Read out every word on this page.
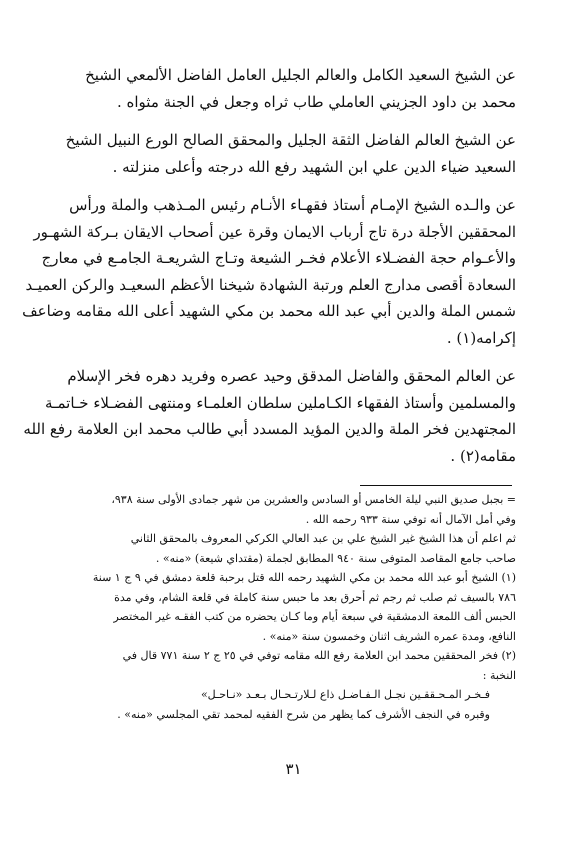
عن الشيخ السعيد الكامل والعالم الجليل العامل الفاضل الألمعي الشيخ
محمد بن داود الجزيني العاملي طاب ثراه وجعل في الجنة مثواه .

عن الشيخ العالم الفاضل الثقة الجليل والمحقق الصالح الورع النبيل الشيخ
السعيد ضياء الدين علي ابن الشهيد رفع الله درجته وأعلى منزلته .

عن والـده الشيخ الإمـام أستاذ فقهـاء الأنـام رئيس المـذهب والملة ورأس
المحققين الأجلة درة تاج أرباب الايمان وقرة عين أصحاب الايقان بـركة الشهـور
والأعـوام حجة الفضـلاء الأعلام فخـر الشيعة وتـاج الشريعـة الجامـع في معارج
السعادة أقصى مدارج العلم ورتبة الشهادة شيخنا الأعظم السعيـد والركن العميـد
شمس الملة والدين أبي عبد الله محمد بن مكي الشهيد أعلى الله مقامه وضاعف
إكرامه(١) .

عن العالم المحقق والفاضل المدقق وحيد عصره وفريد دهره فخر الإسلام
والمسلمين وأستاذ الفقهاء الكـاملين سلطان العلمـاء ومنتهى الفضـلاء خـاتمـة
المجتهدين فخر الملة والدين المؤيد المسدد أبي طالب محمد ابن العلامة رفع الله
مقامه(٢) .

= بجبل صديق النبي ليلة الخامس أو السادس والعشرين من شهر جمادى الأولى سنة ٩٣٨،
وفي أمل الآمال أنه توفي سنة ٩٣٣ رحمه الله .
ثم اعلم أن هذا الشيخ غير الشيخ علي بن عبد العالي الكركي المعروف بالمحقق الثاني
صاحب جامع المقاصد المتوفى سنة ٩٤٠ المطابق لجملة (مقتداي شيعة) «منه» .

(١) الشيخ أبو عبد الله محمد بن مكي الشهيد رحمه الله قتل برحبة قلعة دمشق في ٩ ج ١ سنة
٧٨٦ بالسيف ثم صلب ثم رجم ثم أحرق بعد ما حبس سنة كاملة في قلعة الشام، وفي مدة
الحبس ألف اللمعة الدمشقية في سبعة أيام وما كـان يحضره من كتب الفقـه غير المختصر
النافع، ومدة عمره الشريف اثنان وخمسون سنة «منه» .

(٢) فخر المحققين محمد ابن العلامة رفع الله مقامه توفي في ٢٥ ج ٢ سنة ٧٧١ قال في
النخبة :
فـخـر المـحـققـين نجـل الـفـاضـل ذاع لـلارتـحـال بـعـد «نـاحـل»
وقبره في النجف الأشرف كما يظهر من شرح الفقيه لمحمد تقي المجلسي «منه» .

٣١
